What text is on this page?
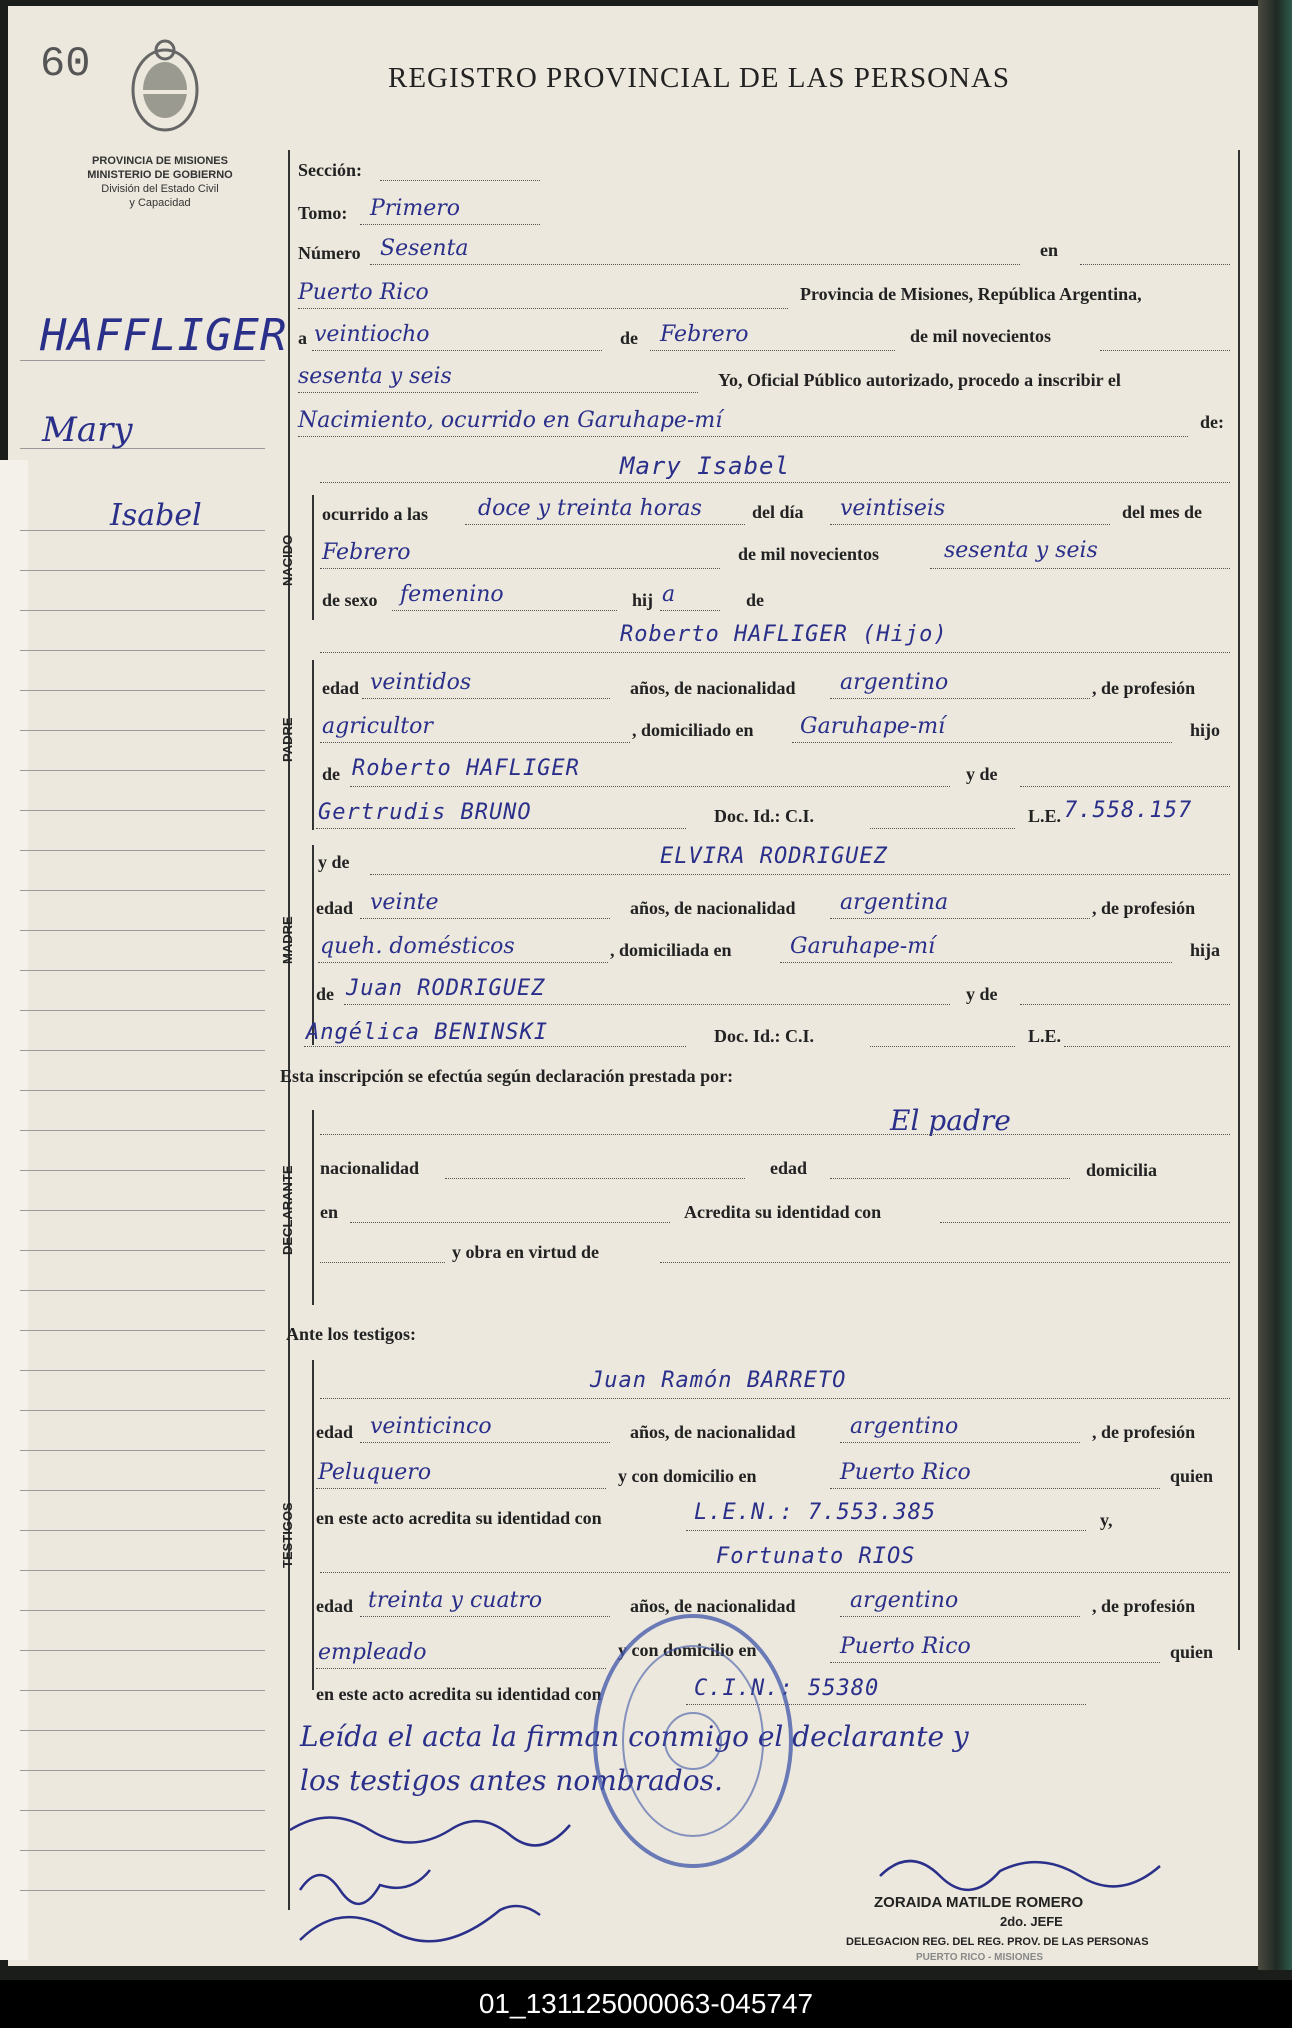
60	REGISTRO PROVINCIAL DE LAS PERSONAS
PROVINCIA DE MISIONES
MINISTERIO DE GOBIERNO
División del Estado Civil
y Capacidad
HAFFLIGER
Mary
Isabel
NACIDO
PADRE
MADRE
DECLARANTE
TESTIGOS
Sección:
Tomo: Primero
Número Sesenta	en
Puerto Rico	Provincia de Misiones, República Argentina,
a veintiocho	de Febrero	de mil novecientos
sesenta y seis	Yo, Oficial Público autorizado, procedo a inscribir el
Nacimiento, ocurrido en Garuhape-mí	de:
Mary Isabel
ocurrido a las doce y treinta horas	del día veintiseis	del mes de
Febrero	de mil novecientos	sesenta y seis
de sexo femenino	hij a	de
Roberto HAFLIGER (Hijo)
edad veintidos	años, de nacionalidad argentino	, de profesión
agricultor	, domiciliado en Garuhape-mí	hijo
de Roberto HAFLIGER	y de
Gertrudis BRUNO	Doc. Id.: C.I.	L.E. 7.558.157
y de	ELVIRA RODRIGUEZ
edad veinte	años, de nacionalidad argentina	, de profesión
queh. domésticos	, domiciliada en	Garuhape-mí	hija
de Juan RODRIGUEZ	y de
Angélica BENINSKI	Doc. Id.: C.I.	L.E.
Esta inscripción se efectúa según declaración prestada por:
El padre
nacionalidad	edad	domicilia
en	Acredita su identidad con
y obra en virtud de
Ante los testigos:
Juan Ramón BARRETO
edad veinticinco	años, de nacionalidad argentino	, de profesión
Peluquero	y con domicilio en	Puerto Rico	quien
en este acto acredita su identidad con	L.E.N.: 7.553.385	y,
Fortunato RIOS
edad treinta y cuatro	años, de nacionalidad argentino	, de profesión
empleado	y con domicilio en	Puerto Rico	quien
en este acto acredita su identidad con	C.I.N.: 55380
Leída el acta la firman conmigo el declarante y
los testigos antes nombrados.
ZORAIDA MATILDE ROMERO
2do. JEFE
DELEGACION REG. DEL REG. PROV. DE LAS PERSONAS
PUERTO RICO - MISIONES
01_131125000063-045747
